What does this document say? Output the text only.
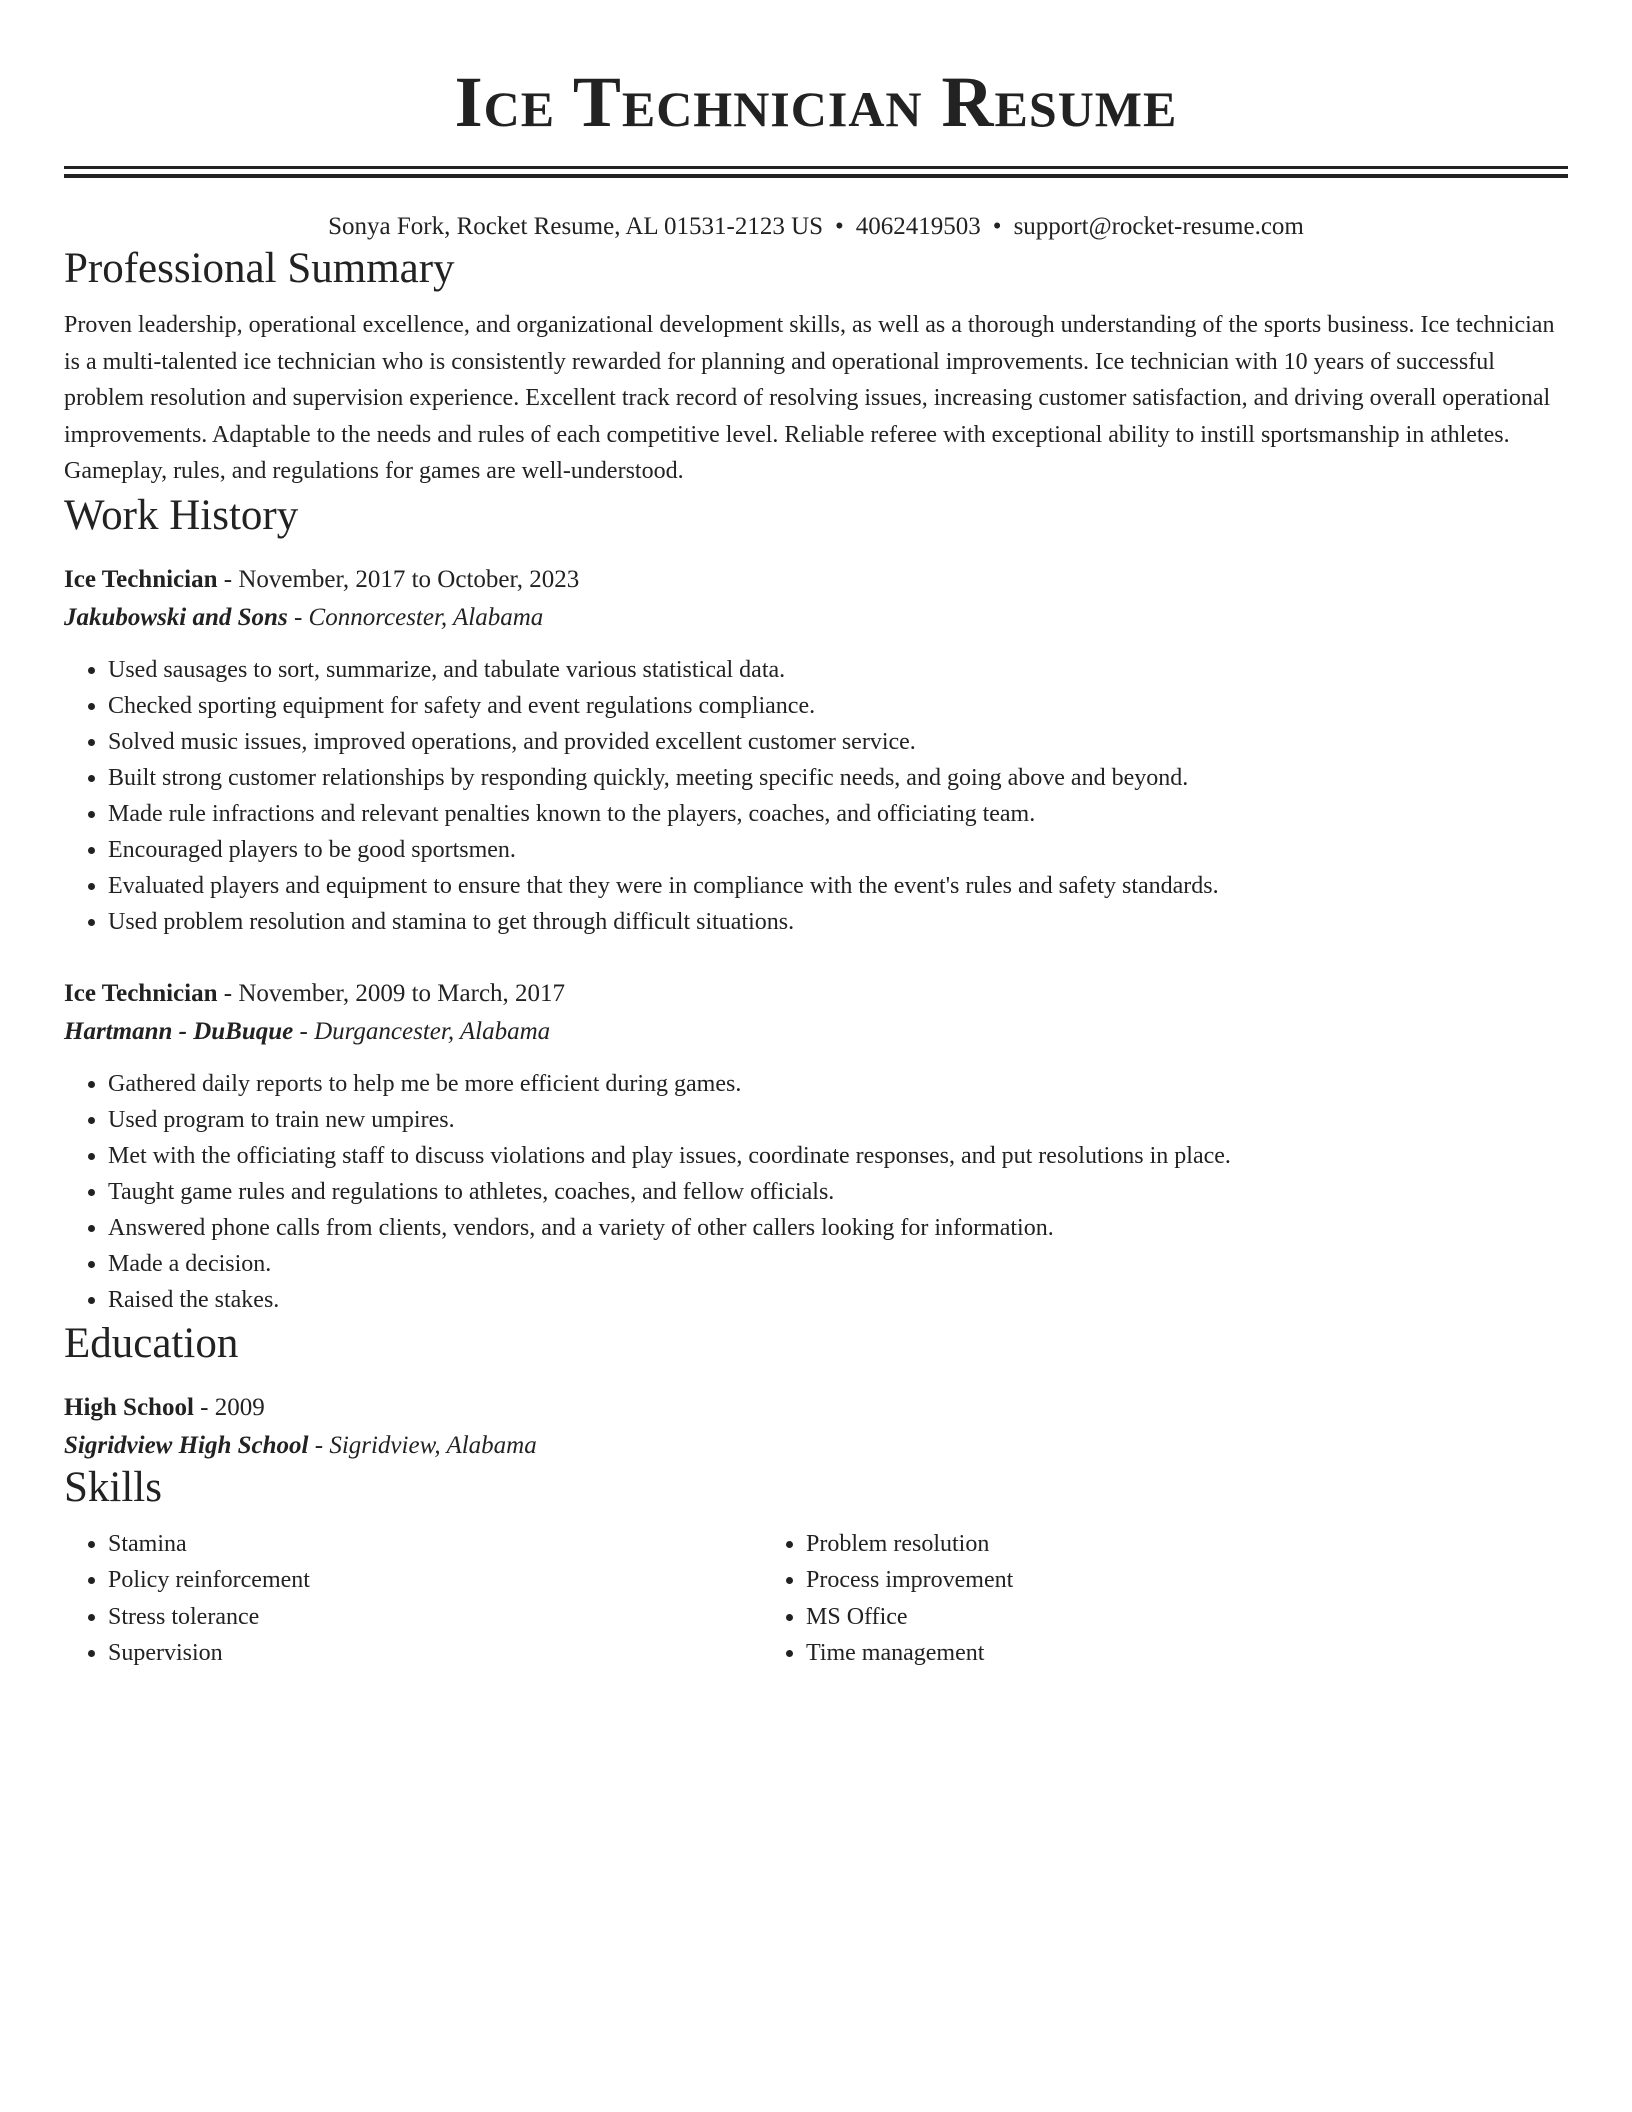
Ice Technician Resume
Sonya Fork, Rocket Resume, AL 01531-2123 US • 4062419503 • support@rocket-resume.com
Professional Summary

Proven leadership, operational excellence, and organizational development skills, as well as a thorough understanding of the sports business. Ice technician is a multi-talented ice technician who is consistently rewarded for planning and operational improvements. Ice technician with 10 years of successful problem resolution and supervision experience. Excellent track record of resolving issues, increasing customer satisfaction, and driving overall operational improvements. Adaptable to the needs and rules of each competitive level. Reliable referee with exceptional ability to instill sportsmanship in athletes. Gameplay, rules, and regulations for games are well-understood.

Work History
Ice Technician - November, 2017 to October, 2023
Jakubowski and Sons - Connorcester, Alabama
• Used sausages to sort, summarize, and tabulate various statistical data.
• Checked sporting equipment for safety and event regulations compliance.
• Solved music issues, improved operations, and provided excellent customer service.
• Built strong customer relationships by responding quickly, meeting specific needs, and going above and beyond.
• Made rule infractions and relevant penalties known to the players, coaches, and officiating team.
• Encouraged players to be good sportsmen.
• Evaluated players and equipment to ensure that they were in compliance with the event's rules and safety standards.
• Used problem resolution and stamina to get through difficult situations.
Ice Technician - November, 2009 to March, 2017
Hartmann - DuBuque - Durgancester, Alabama
• Gathered daily reports to help me be more efficient during games.
• Used program to train new umpires.
• Met with the officiating staff to discuss violations and play issues, coordinate responses, and put resolutions in place.
• Taught game rules and regulations to athletes, coaches, and fellow officials.
• Answered phone calls from clients, vendors, and a variety of other callers looking for information.
• Made a decision.
• Raised the stakes.
Education
High School - 2009
Sigridview High School - Sigridview, Alabama
Skills
• Stamina
• Policy reinforcement
• Stress tolerance
• Supervision
• Problem resolution
• Process improvement
• MS Office
• Time management
